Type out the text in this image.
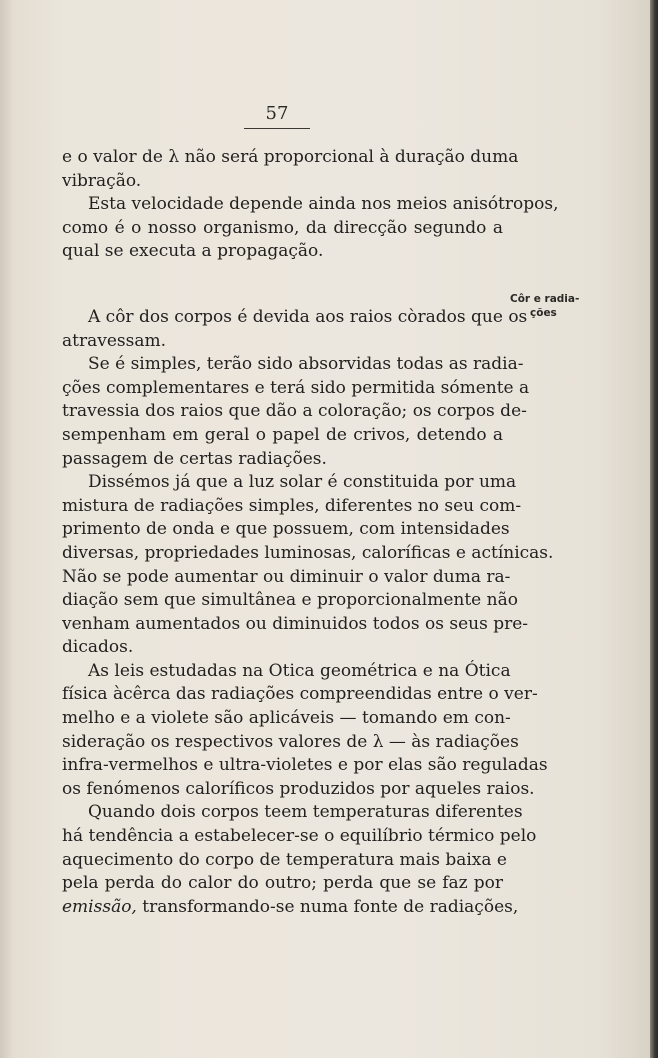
57
Côr e radia-
ções
e o valor de λ não será proporcional à duração duma
vibração.
Esta velocidade depende ainda nos meios anisótropos,
como é o nosso organismo, da direcção segundo a
qual se executa a propagação.
A côr dos corpos é devida aos raios còrados que os
atravessam.
Se é simples, terão sido absorvidas todas as radia-
ções complementares e terá sido permitida sómente a
travessia dos raios que dão a coloração; os corpos de-
sempenham em geral o papel de crivos, detendo a
passagem de certas radiações.
Dissémos já que a luz solar é constituida por uma
mistura de radiações simples, diferentes no seu com-
primento de onda e que possuem, com intensidades
diversas, propriedades luminosas, caloríficas e actínicas.
Não se pode aumentar ou diminuir o valor duma ra-
diação sem que simultânea e proporcionalmente não
venham aumentados ou diminuidos todos os seus pre-
dicados.
As leis estudadas na Otica geométrica e na Ótica
física àcêrca das radiações compreendidas entre o ver-
melho e a violete são aplicáveis — tomando em con-
sideração os respectivos valores de λ — às radiações
infra-vermelhos e ultra-violetes e por elas são reguladas
os fenómenos caloríficos produzidos por aqueles raios.
Quando dois corpos teem temperaturas diferentes
há tendência a estabelecer-se o equilíbrio térmico pelo
aquecimento do corpo de temperatura mais baixa e
pela perda do calor do outro; perda que se faz por
emissão, transformando-se numa fonte de radiações,
